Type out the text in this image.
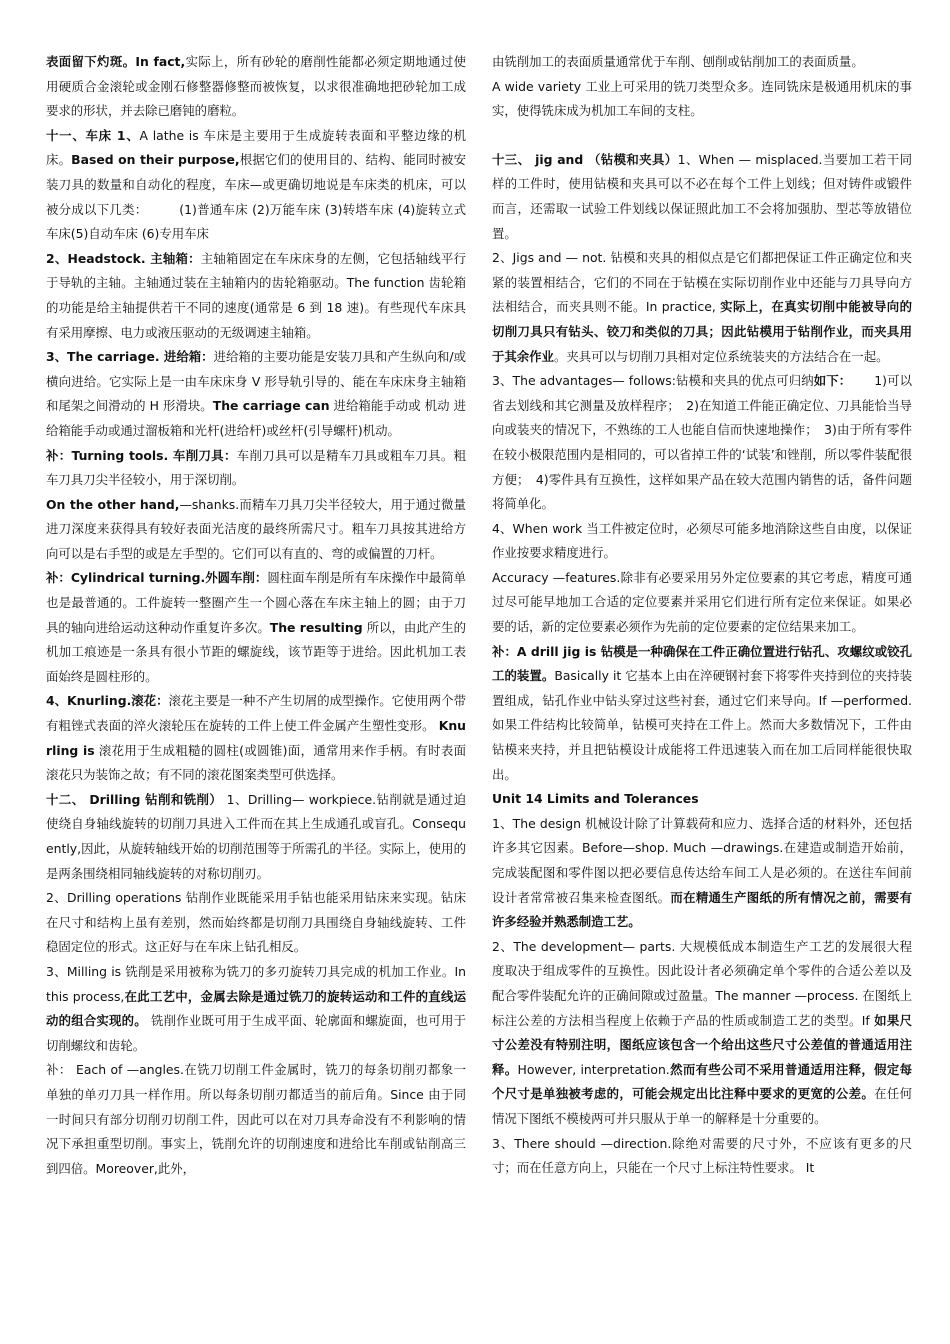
表面留下灼斑。In fact,实际上，所有砂轮的磨削性能都必须定期地通过使用硬质合金滚轮或金刚石修整器修整而被恢复，以求很准确地把砂轮加工成要求的形状，并去除已磨钝的磨粒。

十一、车床 1、A lathe is 车床是主要用于生成旋转表面和平整边缘的机床。Based on their purpose,根据它们的使用目的、结构、能同时被安装刀具的数量和自动化的程度，车床—或更确切地说是车床类的机床，可以被分成以下几类：　　　(1)普通车床 (2)万能车床 (3)转塔车床 (4)旋转立式车床(5)自动车床 (6)专用车床

2、Headstock. 主轴箱：主轴箱固定在车床床身的左侧，它包括轴线平行于导轨的主轴。主轴通过装在主轴箱内的齿轮箱驱动。The function 齿轮箱的功能是给主轴提供若干不同的速度(通常是 6 到 18 速)。有些现代车床具有采用摩擦、电力或液压驱动的无级调速主轴箱。

3、The carriage. 进给箱：进给箱的主要功能是安装刀具和产生纵向和/或横向进给。它实际上是一由车床床身 V 形导轨引导的、能在车床床身主轴箱和尾架之间滑动的 H 形滑块。The carriage can 进给箱能手动或 机动 进给箱能手动或通过溜板箱和光杆(进给杆)或丝杆(引导螺杆)机动。

补：Turning tools. 车削刀具：车削刀具可以是精车刀具或粗车刀具。粗车刀具刀尖半径较小，用于深切削。

On the other hand,—shanks.而精车刀具刀尖半径较大，用于通过微量进刀深度来获得具有较好表面光洁度的最终所需尺寸。粗车刀具按其进给方向可以是右手型的或是左手型的。它们可以有直的、弯的或偏置的刀杆。

补：Cylindrical turning.外圆车削：圆柱面车削是所有车床操作中最简单也是最普通的。工件旋转一整圈产生一个圆心落在车床主轴上的圆；由于刀具的轴向进给运动这种动作重复许多次。The resulting 所以，由此产生的机加工痕迹是一条具有很小节距的螺旋线，该节距等于进给。因此机加工表面始终是圆柱形的。

4、Knurling.滚花：滚花主要是一种不产生切屑的成型操作。它使用两个带有粗锉式表面的淬火滚轮压在旋转的工件上使工件金属产生塑性变形。 Knurling is 滚花用于生成粗糙的圆柱(或圆锥)面，通常用来作手柄。有时表面滚花只为装饰之故；有不同的滚花图案类型可供选择。

十二、 Drilling 钻削和铣削） 1、Drilling— workpiece.钻削就是通过迫使绕自身轴线旋转的切削刀具进入工件而在其上生成通孔或盲孔。Consequently,因此，从旋转轴线开始的切削范围等于所需孔的半径。实际上，使用的是两条围绕相同轴线旋转的对称切削刃。

2、Drilling operations 钻削作业既能采用手钻也能采用钻床来实现。钻床在尺寸和结构上虽有差别，然而始终都是切削刀具围绕自身轴线旋转、工件稳固定位的形式。这正好与在车床上钻孔相反。

3、Milling is 铣削是采用被称为铣刀的多刃旋转刀具完成的机加工作业。In this process,在此工艺中，金属去除是通过铣刀的旋转运动和工件的直线运动的组合实现的。 铣削作业既可用于生成平面、轮廓面和螺旋面，也可用于切削螺纹和齿轮。

补： Each of —angles.在铣刀切削工件金属时，铣刀的每条切削刃都象一单独的单刃刀具一样作用。所以每条切削刃都适当的前后角。Since 由于同一时间只有部分切削刃切削工件，因此可以在对刀具寿命没有不利影响的情况下承担重型切削。事实上，铣削允许的切削速度和进给比车削或钻削高三到四倍。Moreover,此外，

由铣削加工的表面质量通常优于车削、刨削或钻削加工的表面质量。

A wide variety 工业上可采用的铣刀类型众多。连同铣床是极通用机床的事实，使得铣床成为机加工车间的支柱。

十三、 jig and （钻模和夹具）1、When — misplaced.当要加工若干同样的工件时，使用钻模和夹具可以不必在每个工件上划线；但对铸件或锻件而言，还需取一试验工件划线以保证照此加工不会将加强肋、型芯等放错位置。

2、Jigs and — not. 钻模和夹具的相似点是它们都把保证工件正确定位和夹紧的装置相结合，它们的不同在于钻模在实际切削作业中还能与刀具导向方法相结合，而夹具则不能。In practice, 实际上，在真实切削中能被导向的切削刀具只有钻头、铰刀和类似的刀具；因此钻模用于钻削作业，而夹具用于其余作业。夹具可以与切削刀具相对定位系统装夹的方法结合在一起。

3、The advantages— follows:钻模和夹具的优点可归纳如下：　　 1)可以省去划线和其它测量及放样程序；　2)在知道工件能正确定位、刀具能恰当导向或装夹的情况下，不熟练的工人也能自信而快速地操作；　3)由于所有零件在较小极限范围内是相同的，可以省掉工件的‘试装’和锉削，所以零件装配很方便；　4)零件具有互换性，这样如果产品在较大范围内销售的话，备件问题将简单化。

4、When work 当工件被定位时，必须尽可能多地消除这些自由度，以保证作业按要求精度进行。

Accuracy —features.除非有必要采用另外定位要素的其它考虑，精度可通过尽可能早地加工合适的定位要素并采用它们进行所有定位来保证。如果必要的话，新的定位要素必须作为先前的定位要素的定位结果来加工。

补：A drill jig is 钻模是一种确保在工件正确位置进行钻孔、攻螺纹或铰孔工的装置。Basically it 它基本上由在淬硬钢衬套下将零件夹持到位的夹持装置组成，钻孔作业中钻头穿过这些衬套，通过它们来导向。If —performed.如果工件结构比较简单，钻模可夹持在工件上。然而大多数情况下，工件由钻模来夹持，并且把钻模设计成能将工件迅速装入而在加工后同样能很快取出。

Unit 14 Limits and Tolerances

1、The design 机械设计除了计算载荷和应力、选择合适的材料外，还包括许多其它因素。Before—shop. Much —drawings.在建造或制造开始前，完成装配图和零件图以把必要信息传达给车间工人是必须的。在送往车间前设计者常常被召集来检查图纸。而在精通生产图纸的所有情况之前，需要有许多经验并熟悉制造工艺。

2、The development— parts. 大规模低成本制造生产工艺的发展很大程度取决于组成零件的互换性。因此设计者必须确定单个零件的合适公差以及配合零件装配允许的正确间隙或过盈量。The manner —process. 在图纸上标注公差的方法相当程度上依赖于产品的性质或制造工艺的类型。If 如果尺寸公差没有特别注明，图纸应该包含一个给出这些尺寸公差值的普通适用注释。However, interpretation.然而有些公司不采用普通适用注释，假定每个尺寸是单独被考虑的，可能会规定出比注释中要求的更宽的公差。在任何情况下图纸不模棱两可并只服从于单一的解释是十分重要的。

3、There should —direction.除绝对需要的尺寸外，不应该有更多的尺寸；而在任意方向上，只能在一个尺寸上标注特性要求。 It
